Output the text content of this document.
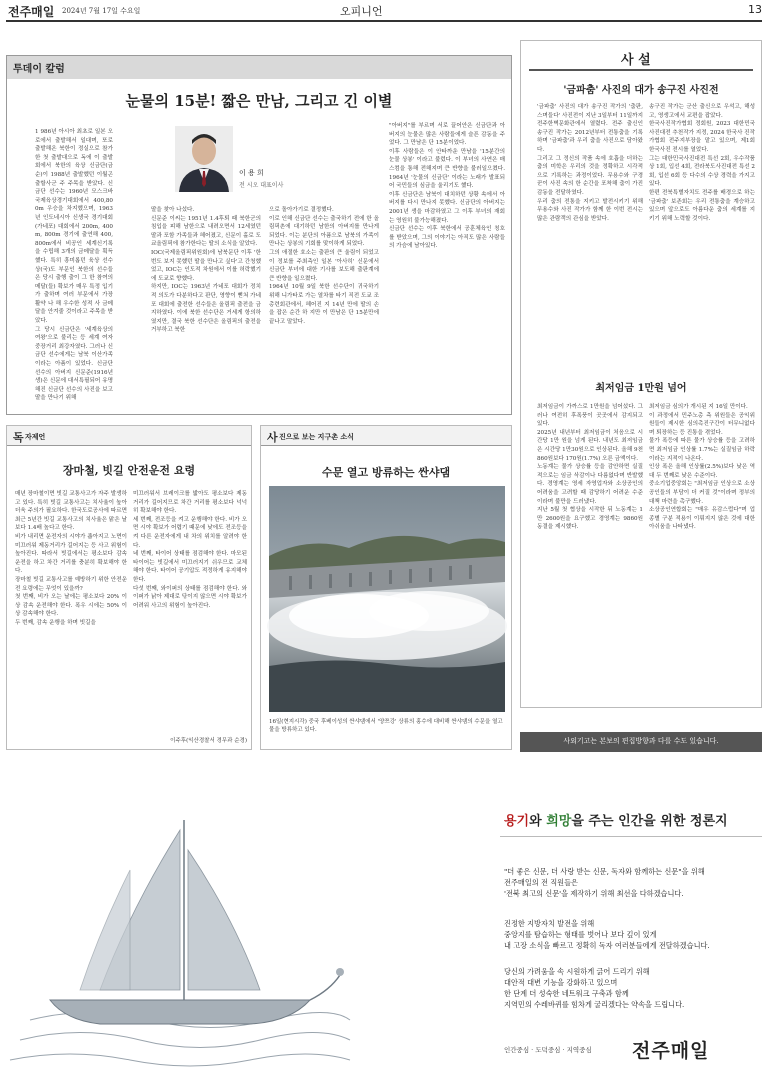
전주매일 2024년 7월 17일 수요일	오피니언	13
투데이 칼럼
눈물의 15분! 짧은 만남, 그리고 긴 이별
1 986년 아시아 최초로 일본 오로에서 출발해서 일대며, 또로 출발해온 북한이 정실으로 참가한 첫 출발대으로 독에 이 출발회에서 북한의 육상 신금단(금순)이 1988년 출발했던 이월곤 출할사군 주 주목을 받았다. 신금단 선수는 1960년 모스크바 국제육상경기대회에서 400,800m 우승을 차지했으며, 1963년 인도네시아 신생국 경기대회(가네포) 대회에서 200m, 400m, 800m 경기에 출연해 400, 800m에서 비공인 세계신기록을 수립해 3개의 금메달을 획득했다. 특히 흥미롭던 육상 선수 상(국)도 부문인 북한의 선수들은 당시 출행 출이 그 한 참여의 메달(들) 확보가 매우 특정 입기가 출하며 여러 부문에서 가장 활약 나 해 우수한 성적 사 금메달을 안겨줄 것이라고 주목을 받았다.
그 당시 신금단은 '세계육상의 여왕'으로 불리는 등 세계 여자 중장거리 최강자였다. 그러나 신금단 선수에게는 남북 이산가족이라는 아픔이 있었다. 신금단 선수의 아버지 신문준(1916년생)은 신문에 대서특필되어 유명해진 신금단 선수의 사진을 보고 딸을 만나기 위해
이 용 희
전 시오 대표이사
딸을 찾아 나섰다.
신문준 이씨는 1951년 1.4후퇴 때 북한군의 침입을 피해 남한으로 내려오면서 12세였던 딸과 포함 가족들과 헤어졌고, 신문이 홀로 도쿄올림픽에 참가한다는 딸의 소식을 알았다.
IOC(국제올림픽위원회)에 남북문단 이후 '한 번도 보지 못했던 딸을 만나고 싶다'고 간청했었고, IOC는 인도적 차원에서 이를 허락했기에 도쿄로 향했다.
하지만, IOC는 1963년 가네포 대회가 정치적 의도가 다분하다고 판단, 영향이 뻗쳐 가네포 대회에 출전한 선수들은 올림픽 출전을 금지하였다. 이에 북한 선수단은 거세게 항의하였지만, 결국 북한 선수단은 올림픽의 출전을 거부하고 북한
으로 돌아가기로 결정했다.
이로 인해 신금단 선수는 출국하기 전에 한 올림픽촌에 대기하던 남한의 아버지를 만나게 되었다. 이는 분단의 아픔으로 남북의 가족이 만나는 상봉의 기회를 맞이하게 되었다.
그의 애절한 호소는 출판의 큰 울림이 되었고 이 정보를 주최측인 일본 '아사히' 신문에서 신금단 부녀에 대한 기사를 보도해 출판계에 큰 반향을 일으켰다.
1964년 10월 9일 북한 선수단이 귀국하기 위해 니가타로 가는 열차를 타기 직전 도쿄 조총련회관에서, 헤어진 지 14년 만에 딸의 손을 잡은 순간 하 지만 이 만남은 단 15분만에 끝나고 말았다.
"아버지"를 부르며 서로 끌어안은 신금단과 아버지의 눈물은 많은 사람들에게 슬픈 감동을 주었다. 그 만남은 단 15분이었다.
이후 사람들은 이 안타까운 만남을 '15분간의 눈물 상봉' 이라고 불렀다. 이 부녀의 사연은 매스컴을 통해 전해지며 큰 반향을 불러일으켰다. 1964년 '눈물의 신금단' 이라는 노래가 발표되어 국민들의 심금을 울리기도 했다.
이후 신금단은 남북이 대치하던 상황 속에서 아버지를 다시 만나지 못했다. 신금단의 아버지는 2001년 생을 마감하였고 그 이후 부녀의 재회는 영원히 불가능해졌다.
신금단 선수는 이후 북한에서 공훈체육인 칭호를 받았으며, 그의 이야기는 아직도 많은 사람들의 가슴에 남아있다.
사 설
'금파춤' 사진의 대가 송구진 사진전
'금파춤' 사진의 대가 송구진 작가의 '춤판, 스며들다' 사진전이 지난 3일부터 11일까지 전주한벽문화관에서 열렸다. 전주 출신인 송구진 작가는 2012년부터 전통춤을 기록하며 '금파춤'과 우리 춤을 사진으로 담아왔다.
그리고 그 정신의 작품 속에 호흡을 더하는 춤의 미학은 우리의 것을 정확하고 시각적으로 기록하는 과정이었다. 무용수와 구경꾼이 사진 속의 한 순간을 포착해 춤이 가진 감동을 전달하였다.
우리 춤의 전통을 지키고 발전시키기 위해 무용수와 사진 작가가 함께 한 이번 전시는 많은 관람객의 관심을 받았다.
송구진 작가는 군산 출신으로 우석고, 해성고, 영생고에서 교편을 잡았다.
한국사진작가협회 정회원, 2023 대한민국사진대전 추천작가 지정, 2024 한국사 진작가협회 전주지부장을 맡고 있으며, 제1회 한국사진 전시를 열었다.
그는 대한민국사진대전 특선 2회, 우수작품상 1회, 입선 4회, 전라북도사진대전 특선 2회, 입선 6회 등 다수의 수상 경력을 가지고 있다.
한편 전북특별자치도 전주를 배경으로 하는 '금파춤' 보존회는 우리 전통춤을 계승하고 있으며 앞으로도 아름다운 춤의 세계를 지키기 위해 노력할 것이다.
최저임금 1만원 넘어
최저임금이 가까스로 1만원을 넘어섰다. 그러나 여전히 후폭풍이 곳곳에서 감지되고 있다.
2025년 내년부터 최저임금이 처음으로 시간당 1만 원을 넘게 된다. 내년도 최저임금은 시간당 1만30원으로 인상된다. 올해 9천860원보다 170원(1.7%) 오른 금액이다.
노동계는 물가 상승률 등을 감안하면 실질적으로는 임금 삭감이나 다름없다며 반발했다. 경영계는 영세 자영업자와 소상공인의 어려움을 고려할 때 감당하기 어려운 수준이라며 불만을 드러냈다.
지난 5월 첫 협상을 시작한 뒤 노동계는 1만 2600원을 요구했고 경영계는 9860원 동결을 제시했다.
최저임금 심의가 개시된 지 16일 만이다.
이 과정에서 민주노총 측 위원들은 공익위원들이 제시한 심의촉진구간이 터무니없다며 퇴장하는 등 진통을 겪었다.
물가 폭등에 따른 물가 상승률 등을 고려하면 최저임금 인상률 1.7%는 실질임금 하락이라는 지적이 나온다.
인상 폭은 올해 인상률(2.5%)보다 낮은 역대 두 번째로 낮은 수준이다.
중소기업중앙회는 "최저임금 인상으로 소상공인들의 부담이 더 커질 것"이라며 정부의 대책 마련을 촉구했다.
소상공인연합회는 "매우 유감스럽다"며 업종별 구분 적용이 이뤄지지 않은 것에 대한 아쉬움을 나타냈다.
사외기고는 본보의 편집방향과 다를 수도 있습니다.
독 자제언
장마철, 빗길 안전운전 요령
매년 장마철이면 빗길 교통사고가 자주 발생하고 있다. 특히 빗길 교통사고는 치사율이 높아 더욱 주의가 필요하다. 한국도로공사에 따르면 최근 5년간 빗길 교통사고의 치사율은 맑은 날보다 1.4배 높다고 한다.
비가 내리면 운전자의 시야가 좁아지고 노면이 미끄러워 제동거리가 길어지는 등 사고 위험이 높아진다. 따라서 빗길에서는 평소보다 감속 운전을 하고 차간 거리를 충분히 확보해야 한다.
장마철 빗길 교통사고를 예방하기 위한 안전운전 요령에는 무엇이 있을까?
첫 번째, 비가 오는 날에는 평소보다 20% 이상 감속 운전해야 한다. 폭우 시에는 50% 이상 감속해야 한다.
두 번째, 감속 운행을 하며 빗길을
미끄러워서 브레이크를 밟아도 평소보다 제동거리가 길어지므로 차간 거리를 평소보다 넉넉히 확보해야 한다.
세 번째, 전조등을 켜고 운행해야 한다. 비가 오면 시야 확보가 어렵기 때문에 낮에도 전조등을 켜 다른 운전자에게 내 차의 위치를 알려야 한다.
네 번째, 타이어 상태를 점검해야 한다. 마모된 타이어는 빗길에서 미끄러지기 쉬우므로 교체해야 한다. 타이어 공기압도 적정하게 유지해야 한다.
다섯 번째, 와이퍼의 상태를 점검해야 한다. 와이퍼가 낡아 제대로 닦이지 않으면 시야 확보가 어려워 사고의 위험이 높아진다.
이주후(익산경찰서 경무과 순경)
사 진으로 보는 지구촌 소식
수문 열고 방류하는 싼샤댐
16일(현지시각) 중국 후베이성의 싼샤댐에서 '양쯔강' 상류의 홍수에 대비해 싼샤댐의 수문을 열고 물을 방류하고 있다.
용기와 희망을 주는 인간을 위한 정론지
"더 좋은 신문, 더 사랑 받는 신문, 독자와 함께하는 신문"을 위해
전주매일의 전 직원들은
'전북 최고의 신문'을 제작하기 위해 최선을 다하겠습니다.
진정한 지방자치 발전을 위해
중앙지를 탐습하는 형태를 벗어나 보다 깊이 있게
내 고장 소식을 빠르고 정확히 독자 여러분들에게 전달하겠습니다.
당신의 가려움을 속 시원하게 긁어 드리기 위해
대안적 대변 기능을 강화하고 있으며
한 단계 더 성숙한 네트워크 구축과 함께
지역민의 수레바퀴를 힘차게 굴리겠다는 약속을 드립니다.
인간중심 · 도덕중심 · 지역중심 전주매일
